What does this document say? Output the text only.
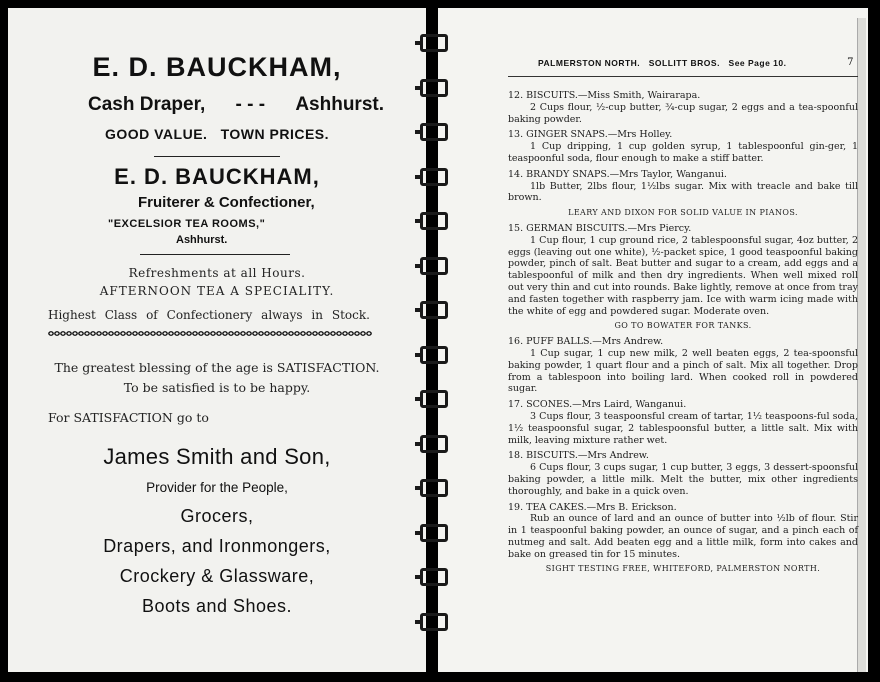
E. D. BAUCKHAM,
Cash Draper, - - - Ashhurst.
GOOD VALUE.   TOWN PRICES.
E. D. BAUCKHAM,
Fruiterer & Confectioner,
"EXCELSIOR TEA ROOMS,"
Ashhurst.
Refreshments at all Hours.
AFTERNOON TEA A SPECIALITY.
Highest Class of Confectionery always in Stock.
The greatest blessing of the age is SATISFACTION.
To be satisfied is to be happy.
For SATISFACTION go to
James Smith and Son,
Provider for the People,
Grocers,
Drapers, and Ironmongers,
Crockery & Glassware,
Boots and Shoes.
PALMERSTON NORTH.   SOLLITT BROS.   See Page 10.	7
12. BISCUITS.—Miss Smith, Wairarapa.
2 Cups flour, ½-cup butter, ¾-cup sugar, 2 eggs and a tea-spoonful baking powder.
13. GINGER SNAPS.—Mrs Holley.
1 Cup dripping, 1 cup golden syrup, 1 tablespoonful gin-ger, 1 teaspoonful soda, flour enough to make a stiff batter.
14. BRANDY SNAPS.—Mrs Taylor, Wanganui.
1lb Butter, 2lbs flour, 1½lbs sugar. Mix with treacle and bake till brown.
LEARY AND DIXON FOR SOLID VALUE IN PIANOS.
15. GERMAN BISCUITS.—Mrs Piercy.
1 Cup flour, 1 cup ground rice, 2 tablespoonsful sugar, 4oz butter, 2 eggs (leaving out one white), ½-packet spice, 1 good teaspoonful baking powder, pinch of salt. Beat butter and sugar to a cream, add eggs and a tablespoonful of milk and then dry ingredients. When well mixed roll out very thin and cut into rounds. Bake lightly, remove at once from tray and fasten together with raspberry jam. Ice with warm icing made with the white of egg and powdered sugar. Moderate oven.
GO TO BOWATER FOR TANKS.
16. PUFF BALLS.—Mrs Andrew.
1 Cup sugar, 1 cup new milk, 2 well beaten eggs, 2 tea-spoonsful baking powder, 1 quart flour and a pinch of salt. Mix all together. Drop from a tablespoon into boiling lard. When cooked roll in powdered sugar.
17. SCONES.—Mrs Laird, Wanganui.
3 Cups flour, 3 teaspoonsful cream of tartar, 1½ teaspoons-ful soda, 1½ teaspoonsful sugar, 2 tablespoonsful butter, a little salt. Mix with milk, leaving mixture rather wet.
18. BISCUITS.—Mrs Andrew.
6 Cups flour, 3 cups sugar, 1 cup butter, 3 eggs, 3 dessert-spoonsful baking powder, a little milk. Melt the butter, mix other ingredients thoroughly, and bake in a quick oven.
19. TEA CAKES.—Mrs B. Erickson.
Rub an ounce of lard and an ounce of butter into ½lb of flour. Stir in 1 teaspoonful baking powder, an ounce of sugar, and a pinch each of nutmeg and salt. Add beaten egg and a little milk, form into cakes and bake on greased tin for 15 minutes.
SIGHT TESTING FREE, WHITEFORD, PALMERSTON NORTH.
